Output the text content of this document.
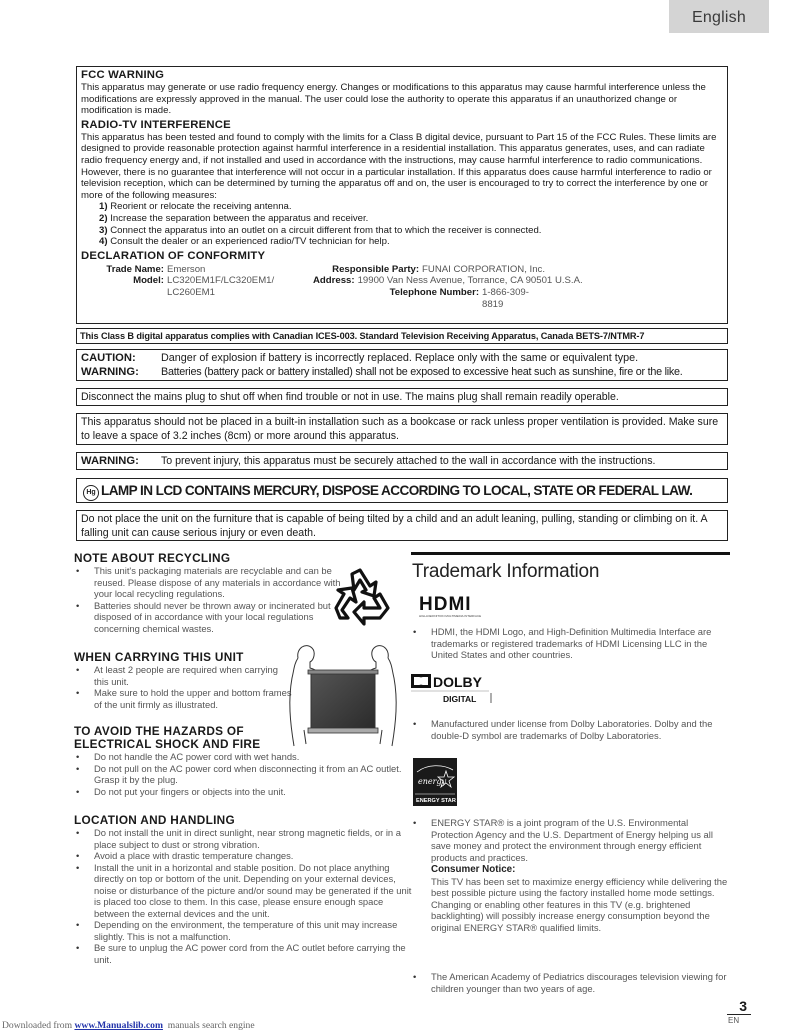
English
FCC WARNING

This apparatus may generate or use radio frequency energy. Changes or modifications to this apparatus may cause harmful interference unless the modifications are expressly approved in the manual. The user could lose the authority to operate this apparatus if an unauthorized change or modification is made.

RADIO-TV INTERFERENCE

This apparatus has been tested and found to comply with the limits for a Class B digital device, pursuant to Part 15 of the FCC Rules. These limits are designed to provide reasonable protection against harmful interference in a residential installation. This apparatus generates, uses, and can radiate radio frequency energy and, if not installed and used in accordance with the instructions, may cause harmful interference to radio communications. However, there is no guarantee that interference will not occur in a particular installation. If this apparatus does cause harmful interference to radio or television reception, which can be determined by turning the apparatus off and on, the user is encouraged to try to correct the interference by one or more of the following measures:

1) Reorient or relocate the receiving antenna.
2) Increase the separation between the apparatus and receiver.
3) Connect the apparatus into an outlet on a circuit different from that to which the receiver is connected.
4) Consult the dealer or an experienced radio/TV technician for help.
DECLARATION OF CONFORMITY
Trade Name: Emerson
Model: LC320EM1F/LC320EM1/
LC260EM1
Responsible Party: FUNAI CORPORATION, Inc.
Address: 19900 Van Ness Avenue, Torrance, CA 90501 U.S.A.
Telephone Number: 1-866-309-8819
This Class B digital apparatus complies with Canadian ICES-003. Standard Television Receiving Apparatus, Canada BETS-7/NTMR-7
CAUTION: Danger of explosion if battery is incorrectly replaced. Replace only with the same or equivalent type.
WARNING: Batteries (battery pack or battery installed) shall not be exposed to excessive heat such as sunshine, fire or the like.
Disconnect the mains plug to shut off when find trouble or not in use. The mains plug shall remain readily operable.
This apparatus should not be placed in a built-in installation such as a bookcase or rack unless proper ventilation is provided. Make sure to leave a space of 3.2 inches (8cm) or more around this apparatus.
WARNING: To prevent injury, this apparatus must be securely attached to the wall in accordance with the instructions.
Hg LAMP IN LCD CONTAINS MERCURY, DISPOSE ACCORDING TO LOCAL, STATE OR FEDERAL LAW.
Do not place the unit on the furniture that is capable of being tilted by a child and an adult leaning, pulling, standing or climbing on it. A falling unit can cause serious injury or even death.
NOTE ABOUT RECYCLING
• This unit's packaging materials are recyclable and can be reused. Please dispose of any materials in accordance with your local recycling regulations.
• Batteries should never be thrown away or incinerated but disposed of in accordance with your local regulations concerning chemical wastes.
WHEN CARRYING THIS UNIT
• At least 2 people are required when carrying this unit.
• Make sure to hold the upper and bottom frames of the unit firmly as illustrated.
TO AVOID THE HAZARDS OF
ELECTRICAL SHOCK AND FIRE
• Do not handle the AC power cord with wet hands.
• Do not pull on the AC power cord when disconnecting it from an AC outlet. Grasp it by the plug.
• Do not put your fingers or objects into the unit.
LOCATION AND HANDLING
• Do not install the unit in direct sunlight, near strong magnetic fields, or in a place subject to dust or strong vibration.
• Avoid a place with drastic temperature changes.
• Install the unit in a horizontal and stable position. Do not place anything directly on top or bottom of the unit. Depending on your external devices, noise or disturbance of the picture and/or sound may be generated if the unit is placed too close to them. In this case, please ensure enough space between the external devices and the unit.
• Depending on the environment, the temperature of this unit may increase slightly. This is not a malfunction.
• Be sure to unplug the AC power cord from the AC outlet before carrying the unit.
Trademark Information
HDMI
HIGH-DEFINITION MULTIMEDIA INTERFACE
• HDMI, the HDMI Logo, and High-Definition Multimedia Interface are trademarks or registered trademarks of HDMI Licensing LLC in the United States and other countries.
DOLBY
DIGITAL
• Manufactured under license from Dolby Laboratories. Dolby and the double-D symbol are trademarks of Dolby Laboratories.
energy
ENERGY STAR
• ENERGY STAR® is a joint program of the U.S. Environmental Protection Agency and the U.S. Department of Energy helping us all save money and protect the environment through energy efficient products and practices.
Consumer Notice:
This TV has been set to maximize energy efficiency while delivering the best possible picture using the factory installed home mode settings.
Changing or enabling other features in this TV (e.g. brightened backlighting) will possibly increase energy consumption beyond the original ENERGY STAR® qualified limits.
• The American Academy of Pediatrics discourages television viewing for children younger than two years of age.
3
EN
Downloaded from www.Manualslib.com  manuals search engine
